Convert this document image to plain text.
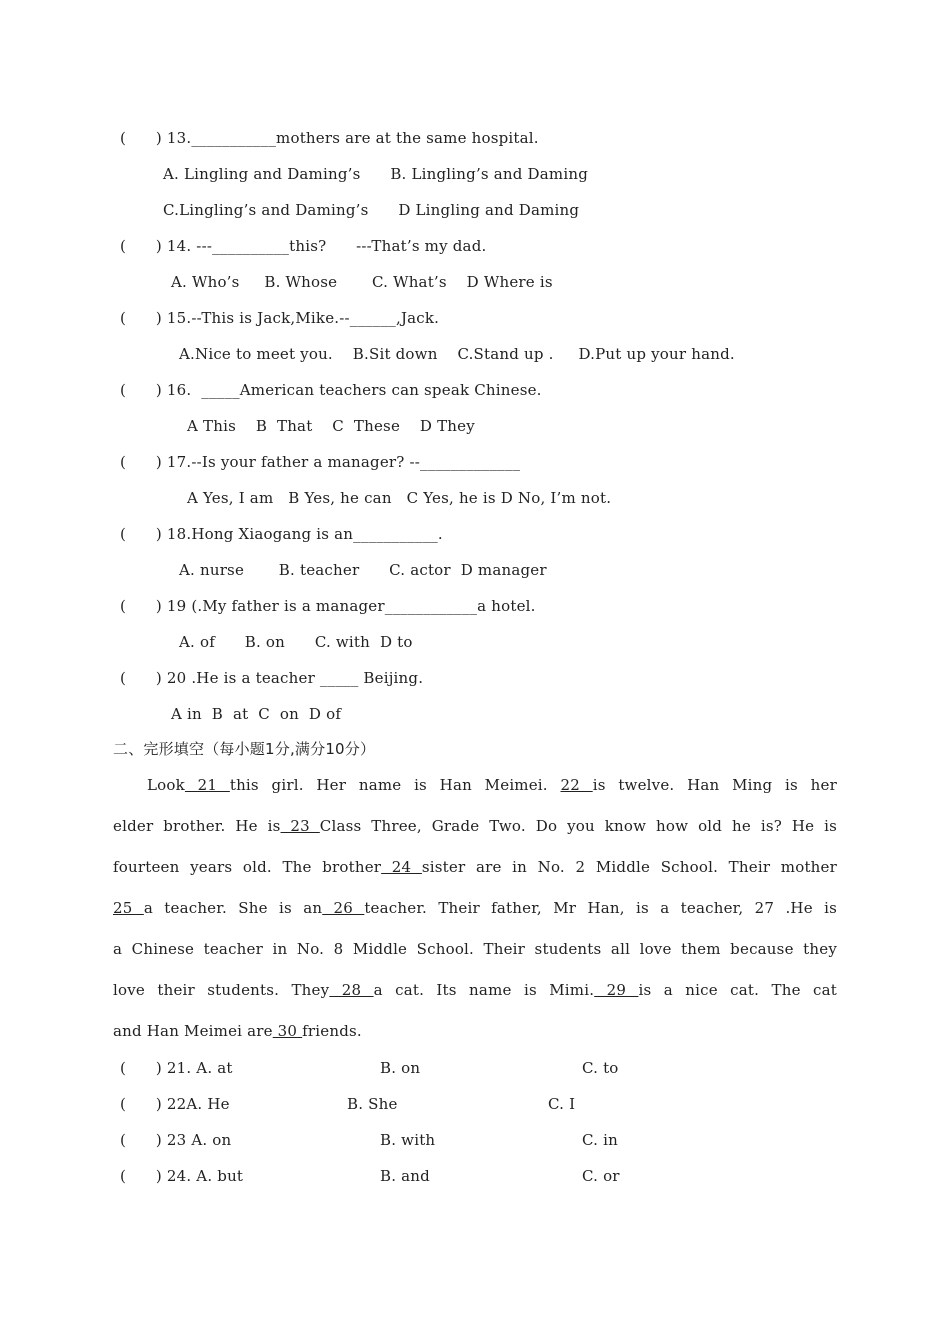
(      ) 13.___________mothers are at the same hospital.
A. Lingling and Daming’s      B. Lingling’s and Daming
C.Lingling’s and Daming’s      D Lingling and Daming
(      ) 14. ---__________this?      ---That’s my dad.
A. Who’s     B. Whose       C. What’s    D Where is
(      ) 15.--This is Jack,Mike.--______,Jack.
A.Nice to meet you.    B.Sit down    C.Stand up .     D.Put up your hand.
(      ) 16.  _____American teachers can speak Chinese.
A This    B  That    C  These    D They
(      ) 17.--Is your father a manager? --_____________
A Yes, I am   B Yes, he can   C Yes, he is D No, I’m not.
(      ) 18.Hong Xiaogang is an___________.
A. nurse       B. teacher      C. actor  D manager
(      ) 19 (.My father is a manager____________a hotel.
A. of      B. on      C. with  D to
(      ) 20 .He is a teacher _____ Beijing.
A in  B  at  C  on  D of
二、完形填空（每小题1分,满分10分）
Look 21 this girl. Her name is Han Meimei. 22 is twelve. Han Ming is her
elder brother. He is 23 Class Three, Grade Two. Do you know how old he is? He is
fourteen years old. The brother 24 sister are in No. 2 Middle School. Their mother
25 a teacher. She is an 26 teacher. Their father, Mr Han, is a teacher, 27 .He is
a Chinese teacher in No. 8 Middle School. Their students all love them because they
love their students. They 28 a cat. Its name is Mimi. 29 is a nice cat. The cat
and Han Meimei are 30 friends.
(      ) 21. A. at	B. on	C. to
(      ) 22A. He	B. She	C. I
(      ) 23 A. on	B. with	C. in
(      ) 24. A. but	B. and	C. or
